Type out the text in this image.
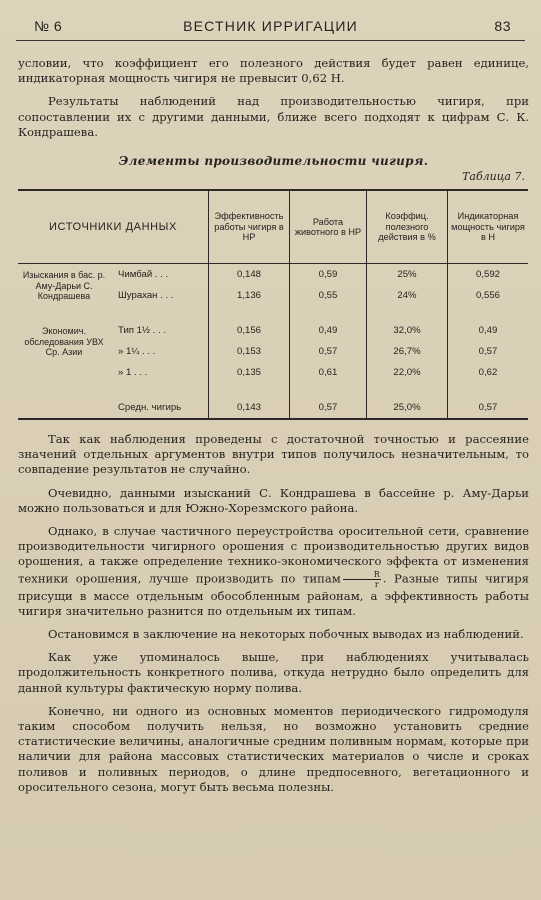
№ 6	ВЕСТНИК ИРРИГАЦИИ	83

условии, что коэффициент его полезного действия будет равен единице, индикаторная мощность чигиря не превысит 0,62 Н.

Результаты наблюдений над производительностью чигиря, при сопоставлении их с другими данными, ближе всего подходят к цифрам С. К. Кондрашева.

Элементы производительности чигиря.
Таблица 7.
ИСТОЧНИКИ ДАННЫХ		Эффективность работы чигиря в HP	Работа животного в HP	Коэффиц. полезного действия в %	Индикаторная мощность чигиря в H
Изыскания в бас. р. Аму-Дарьи С. Кондрашева	Чимбай . . .	0,148	0,59	25%	0,592
	Шурахан . . .	1,136	0,55	24%	0,556

Экономич. обследования УВХ Ср. Азии	Тип 1½ . . .	0,156	0,49	32,0%	0,49
	» 1¼ . . .	0,153	0,57	26,7%	0,57
	» 1 . . .	0,135	0,61	22,0%	0,62

	Средн. чигирь	0,143	0,57	25,0%	0,57

Так как наблюдения проведены с достаточной точностью и рассеяние значений отдельных аргументов внутри типов получилось незначительным, то совпадение результатов не случайно.

Очевидно, данными изысканий С. Кондрашева в бассейне р. Аму-Дарьи можно пользоваться и для Южно-Хорезмского района.

Однако, в случае частичного переустройства оросительной сети, сравнение производительности чигирного орошения с производительностью других видов орошения, а также определение технико-экономического эффекта от изменения техники орошения, лучше производить по типам $\frac{R}{r}$ . Разные типы чигиря присущи в массе отдельным обособленным районам, а эффективность работы чигиря значительно разнится по отдельным их типам.

Остановимся в заключение на некоторых побочных выводах из наблюдений.

Как уже упоминалось выше, при наблюдениях учитывалась продолжительность конкретного полива, откуда нетрудно было определить для данной культуры фактическую норму полива.

Конечно, ни одного из основных моментов периодического гидромодуля таким способом получить нельзя, но возможно установить средние статистические величины, аналогичные средним поливным нормам, которые при наличии для района массовых статистических материалов о числе и сроках поливов и поливных периодов, о длине предпосевного, вегетационного и оросительного сезона, могут быть весьма полезны.
